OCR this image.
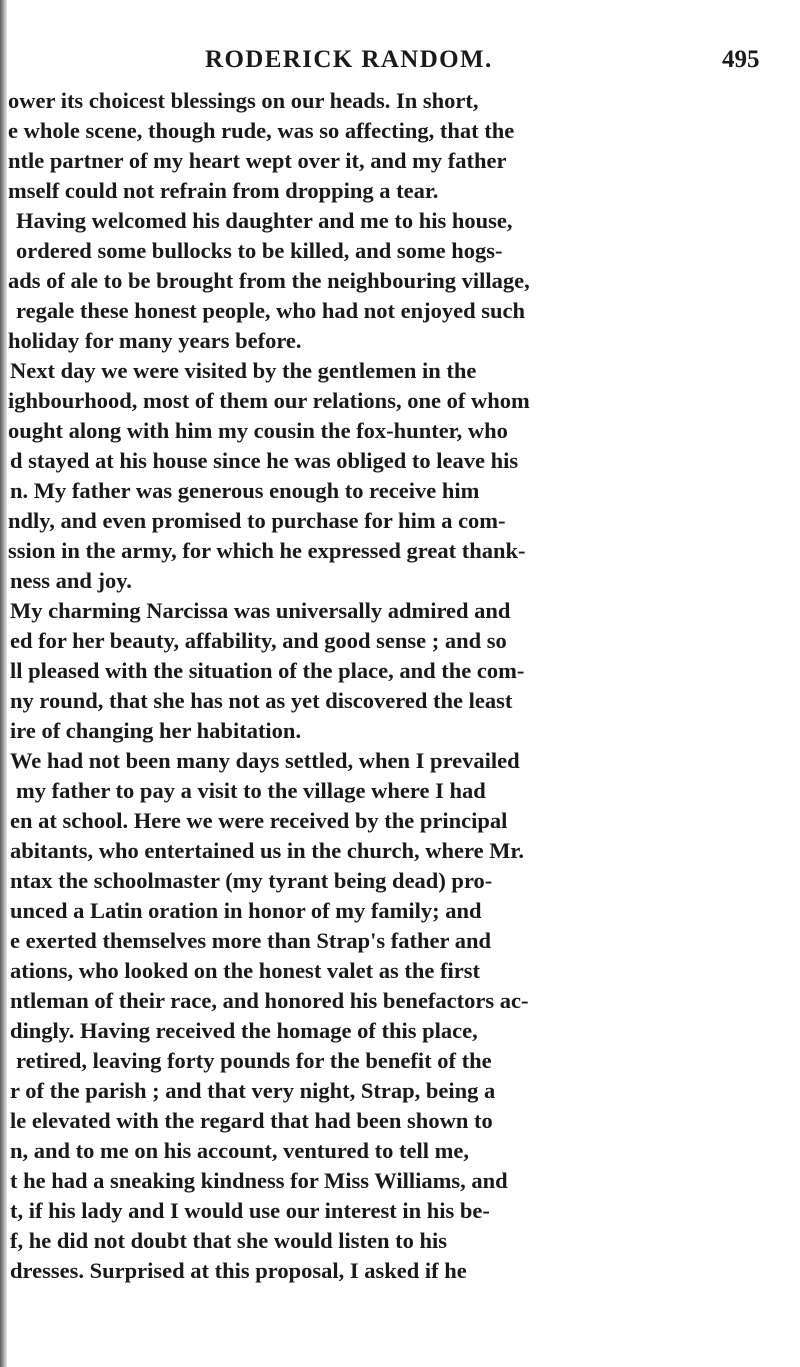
RODERICK RANDOM.	495
ower its choicest blessings on our heads. In short,
e whole scene, though rude, was so affecting, that the
ntle partner of my heart wept over it, and my father
mself could not refrain from dropping a tear.
Having welcomed his daughter and me to his house,
ordered some bullocks to be killed, and some hogs-
ads of ale to be brought from the neighbouring village,
regale these honest people, who had not enjoyed such
holiday for many years before.
Next day we were visited by the gentlemen in the
ighbourhood, most of them our relations, one of whom
ought along with him my cousin the fox-hunter, who
d stayed at his house since he was obliged to leave his
n. My father was generous enough to receive him
ndly, and even promised to purchase for him a com-
ssion in the army, for which he expressed great thank-
ness and joy.
My charming Narcissa was universally admired and
ed for her beauty, affability, and good sense ; and so
ll pleased with the situation of the place, and the com-
ny round, that she has not as yet discovered the least
ire of changing her habitation.
We had not been many days settled, when I prevailed
my father to pay a visit to the village where I had
en at school. Here we were received by the principal
abitants, who entertained us in the church, where Mr.
ntax the schoolmaster (my tyrant being dead) pro-
unced a Latin oration in honor of my family; and
e exerted themselves more than Strap's father and
ations, who looked on the honest valet as the first
ntleman of their race, and honored his benefactors ac-
dingly. Having received the homage of this place,
retired, leaving forty pounds for the benefit of the
r of the parish ; and that very night, Strap, being a
le elevated with the regard that had been shown to
n, and to me on his account, ventured to tell me,
t he had a sneaking kindness for Miss Williams, and
t, if his lady and I would use our interest in his be-
f, he did not doubt that she would listen to his
dresses. Surprised at this proposal, I asked if he
